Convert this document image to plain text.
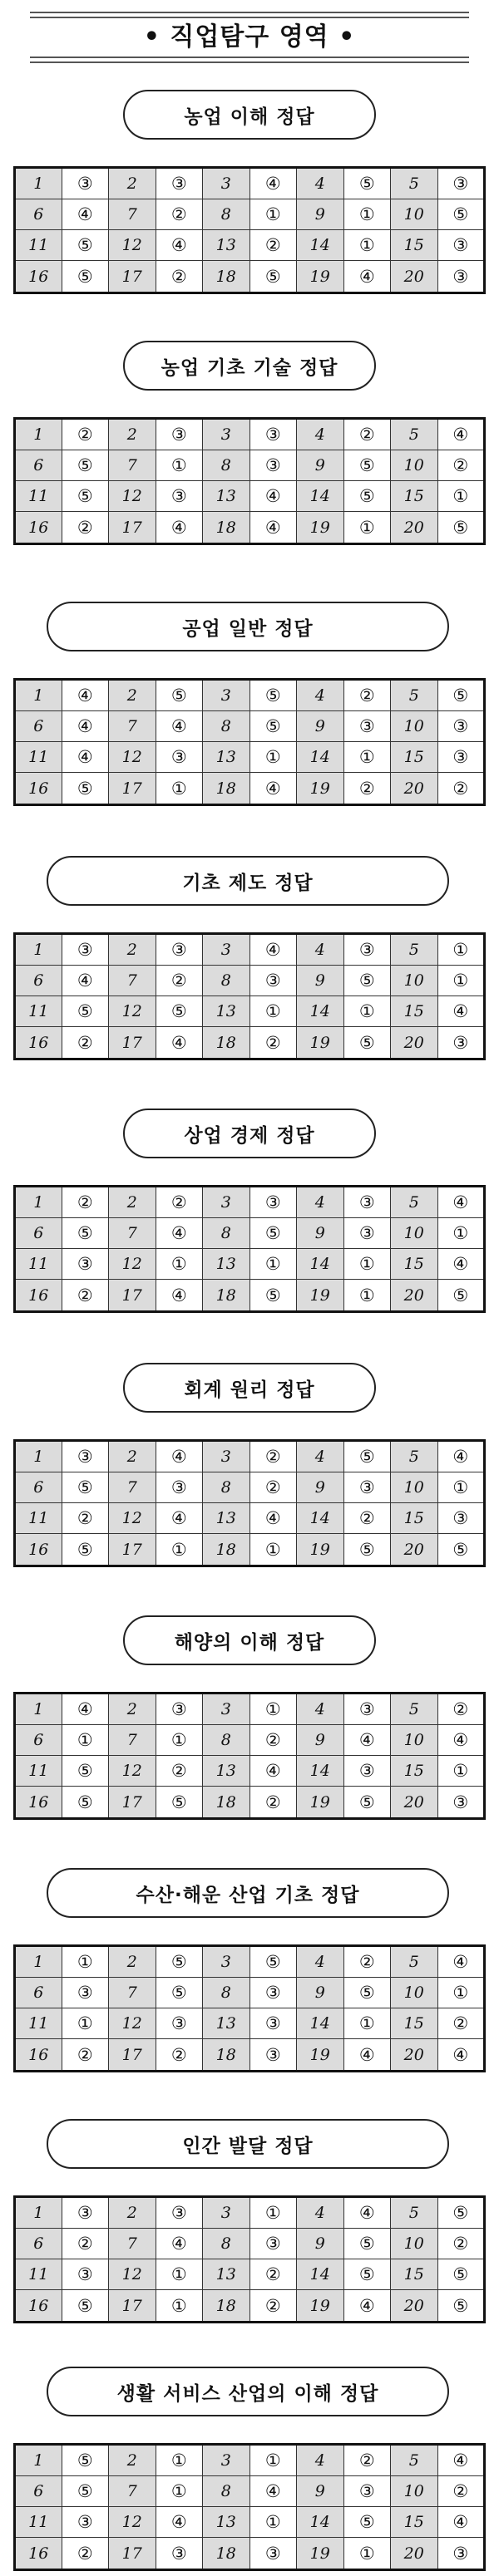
• 직업탐구 영역 •
농업 이해 정답
1	③	2	③	3	④	4	⑤	5	③
6	④	7	②	8	①	9	①	10	⑤
11	⑤	12	④	13	②	14	①	15	③
16	⑤	17	②	18	⑤	19	④	20	③
농업 기초 기술 정답
1	②	2	③	3	③	4	②	5	④
6	⑤	7	①	8	③	9	⑤	10	②
11	⑤	12	③	13	④	14	⑤	15	①
16	②	17	④	18	④	19	①	20	⑤
공업 일반 정답
1	④	2	⑤	3	⑤	4	②	5	⑤
6	④	7	④	8	⑤	9	③	10	③
11	④	12	③	13	①	14	①	15	③
16	⑤	17	①	18	④	19	②	20	②
기초 제도 정답
1	③	2	③	3	④	4	③	5	①
6	④	7	②	8	③	9	⑤	10	①
11	⑤	12	⑤	13	①	14	①	15	④
16	②	17	④	18	②	19	⑤	20	③
상업 경제 정답
1	②	2	②	3	③	4	③	5	④
6	⑤	7	④	8	⑤	9	③	10	①
11	③	12	①	13	①	14	①	15	④
16	②	17	④	18	⑤	19	①	20	⑤
회계 원리 정답
1	③	2	④	3	②	4	⑤	5	④
6	⑤	7	③	8	②	9	③	10	①
11	②	12	④	13	④	14	②	15	③
16	⑤	17	①	18	①	19	⑤	20	⑤
해양의 이해 정답
1	④	2	③	3	①	4	③	5	②
6	①	7	①	8	②	9	④	10	④
11	⑤	12	②	13	④	14	③	15	①
16	⑤	17	⑤	18	②	19	⑤	20	③
수산·해운 산업 기초 정답
1	①	2	⑤	3	⑤	4	②	5	④
6	③	7	⑤	8	③	9	⑤	10	①
11	①	12	③	13	③	14	①	15	②
16	②	17	②	18	③	19	④	20	④
인간 발달 정답
1	③	2	③	3	①	4	④	5	⑤
6	②	7	④	8	③	9	⑤	10	②
11	③	12	①	13	②	14	⑤	15	⑤
16	⑤	17	①	18	②	19	④	20	⑤
생활 서비스 산업의 이해 정답
1	⑤	2	①	3	①	4	②	5	④
6	⑤	7	①	8	④	9	③	10	②
11	③	12	④	13	①	14	⑤	15	④
16	②	17	③	18	③	19	①	20	③
